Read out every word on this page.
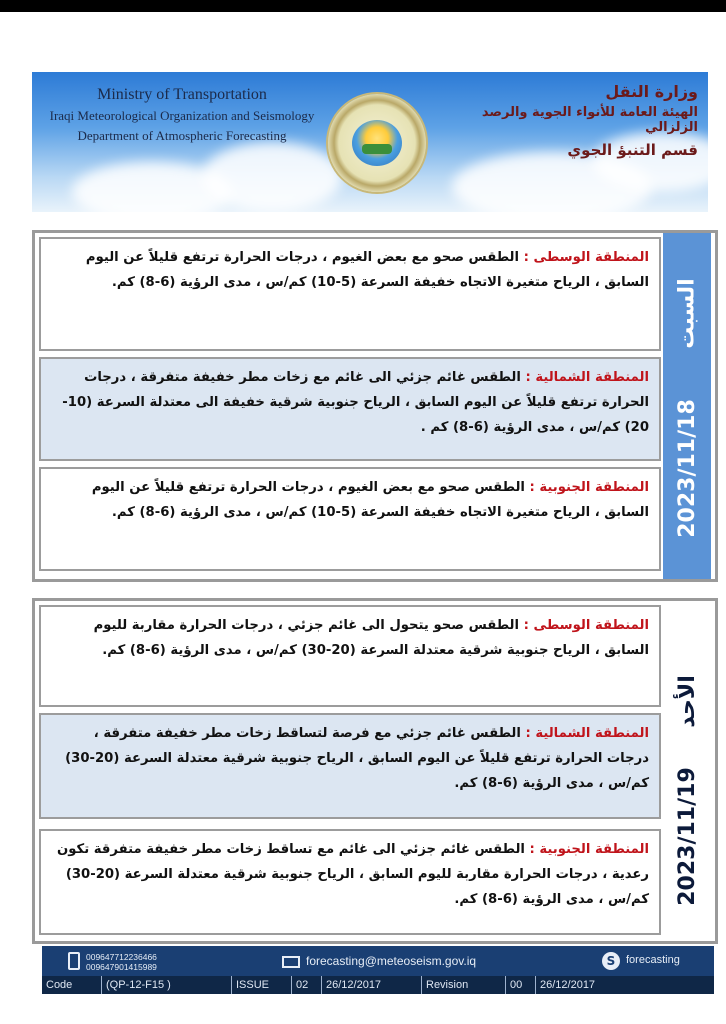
Ministry of Transportation
Iraqi Meteorological Organization and Seismology
Department of Atmospheric Forecasting
وزارة النقل
الهيئة العامة للأنواء الجوية والرصد الزلزالي
قسم التنبؤ الجوي
السبت
2023/11/18
المنطقة الوسطى : الطقس صحو مع بعض الغيوم ، درجات الحرارة ترتفع قليلاً عن اليوم السابق ، الرياح متغيرة الاتجاه خفيفة السرعة (5-10) كم/س ، مدى الرؤية (6-8) كم.
المنطقة الشمالية : الطقس غائم جزئي الى غائم مع زخات مطر خفيفة متفرقة ، درجات الحرارة ترتفع قليلاً عن اليوم السابق ، الرياح جنوبية شرقية خفيفة الى معتدلة السرعة (10-20) كم/س ، مدى الرؤية (6-8) كم .
المنطقة الجنوبية : الطقس صحو مع بعض الغيوم ، درجات الحرارة ترتفع قليلاً عن اليوم السابق ، الرياح متغيرة الاتجاه خفيفة السرعة (5-10) كم/س ، مدى الرؤية (6-8) كم.
الأحد
2023/11/19
المنطقة الوسطى : الطقس صحو يتحول الى غائم جزئي ، درجات الحرارة مقاربة لليوم السابق ، الرياح جنوبية شرقية معتدلة السرعة (20-30) كم/س ، مدى الرؤية (6-8) كم.
المنطقة الشمالية : الطقس غائم جزئي مع فرصة لتساقط زخات مطر خفيفة متفرقة ، درجات الحرارة ترتفع قليلاً عن اليوم السابق ، الرياح جنوبية شرقية معتدلة السرعة (20-30) كم/س ، مدى الرؤية (6-8) كم.
المنطقة الجنوبية : الطقس غائم جزئي الى غائم مع تساقط زخات مطر خفيفة متفرقة تكون رعدية ، درجات الحرارة مقاربة لليوم السابق ، الرياح جنوبية شرقية معتدلة السرعة (20-30) كم/س ، مدى الرؤية (6-8) كم.
009647712236466
009647901415989	forecasting@meteoseism.gov.iq	S forecasting
Code	(QP-12-F15 )	ISSUE	02	26/12/2017	Revision	00	26/12/2017
